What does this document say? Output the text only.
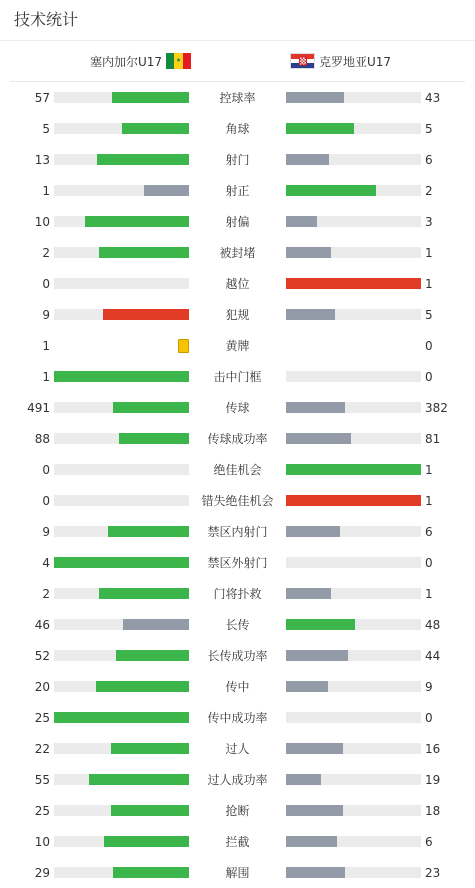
技术统计
塞内加尔U17 ★	克罗地亚U17
57	控球率	43
5	角球	5
13	射门	6
1	射正	2
10	射偏	3
2	被封堵	1
0	越位	1
9	犯规	5
1	黄牌	0
1	击中门框	0
491	传球	382
88	传球成功率	81
0	绝佳机会	1
0	错失绝佳机会	1
9	禁区内射门	6
4	禁区外射门	0
2	门将扑救	1
46	长传	48
52	长传成功率	44
20	传中	9
25	传中成功率	0
22	过人	16
55	过人成功率	19
25	抢断	18
10	拦截	6
29	解围	23
